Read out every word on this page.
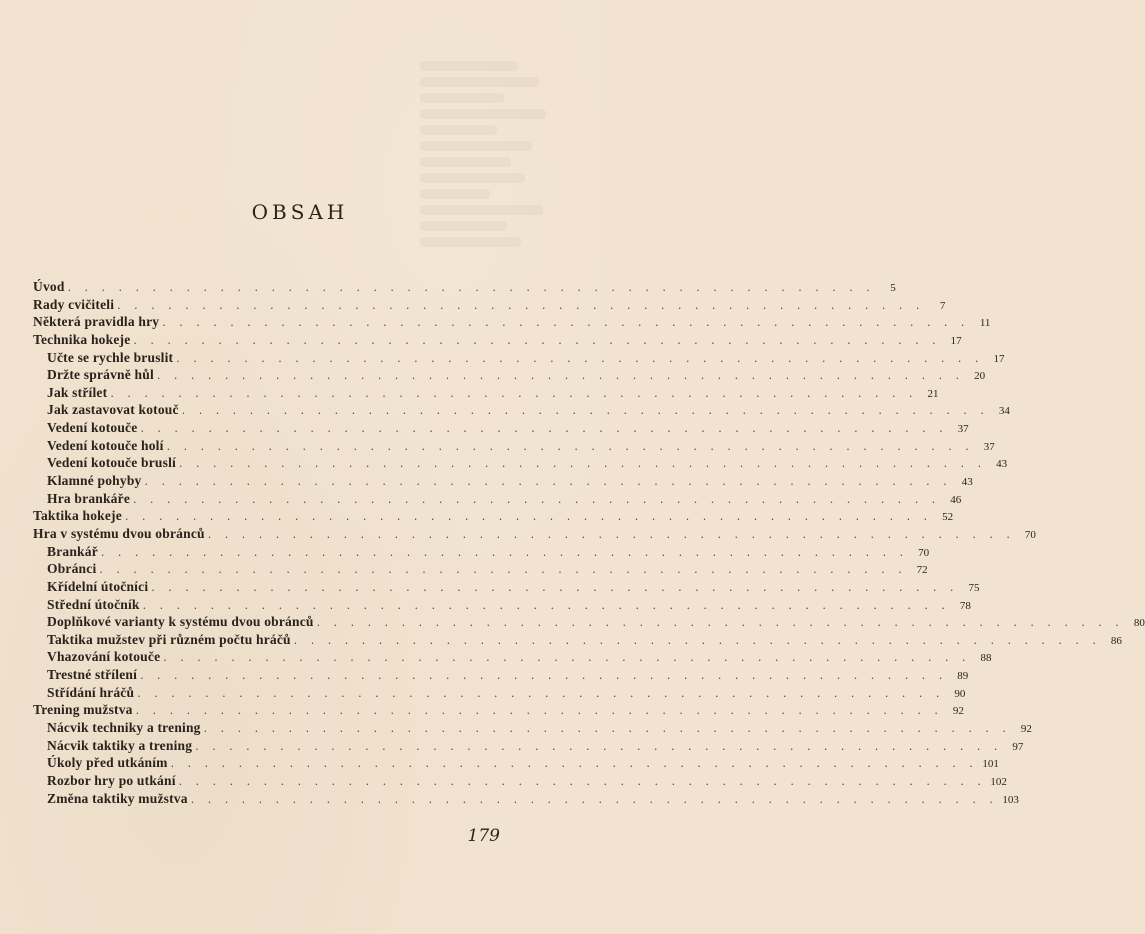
OBSAH
Úvod . . . . . . . . . . . . . . . . . . . . . . . . . . . . . . . . . . . . . . . . . . . . . . . .	5
Rady cvičiteli . . . . . . . . . . . . . . . . . . . . . . . . . . . . . . . . . . . . . . . . . . . . . . . .	7
Některá pravidla hry . . . . . . . . . . . . . . . . . . . . . . . . . . . . . . . . . . . . . . . . . . . . . . . . 11
Technika hokeje . . . . . . . . . . . . . . . . . . . . . . . . . . . . . . . . . . . . . . . . . . . . . . . . 17
Učte se rychle bruslit . . . . . . . . . . . . . . . . . . . . . . . . . . . . . . . . . . . . . . . . . . . . . . . . 17
Držte správně hůl . . . . . . . . . . . . . . . . . . . . . . . . . . . . . . . . . . . . . . . . . . . . . . . . 20
Jak střílet . . . . . . . . . . . . . . . . . . . . . . . . . . . . . . . . . . . . . . . . . . . . . . . . 21
Jak zastavovat kotouč . . . . . . . . . . . . . . . . . . . . . . . . . . . . . . . . . . . . . . . . . . . . . . . . 34
Vedení kotouče . . . . . . . . . . . . . . . . . . . . . . . . . . . . . . . . . . . . . . . . . . . . . . . . 37
Vedení kotouče holí . . . . . . . . . . . . . . . . . . . . . . . . . . . . . . . . . . . . . . . . . . . . . . . . 37
Vedení kotouče bruslí . . . . . . . . . . . . . . . . . . . . . . . . . . . . . . . . . . . . . . . . . . . . . . . . 43
Klamné pohyby . . . . . . . . . . . . . . . . . . . . . . . . . . . . . . . . . . . . . . . . . . . . . . . . 43
Hra brankáře . . . . . . . . . . . . . . . . . . . . . . . . . . . . . . . . . . . . . . . . . . . . . . . . 46
Taktika hokeje . . . . . . . . . . . . . . . . . . . . . . . . . . . . . . . . . . . . . . . . . . . . . . . . 52
Hra v systému dvou obránců . . . . . . . . . . . . . . . . . . . . . . . . . . . . . . . . . . . . . . . . . . . . . . . . 70
Brankář . . . . . . . . . . . . . . . . . . . . . . . . . . . . . . . . . . . . . . . . . . . . . . . . 70
Obránci . . . . . . . . . . . . . . . . . . . . . . . . . . . . . . . . . . . . . . . . . . . . . . . . 72
Křídelní útočníci . . . . . . . . . . . . . . . . . . . . . . . . . . . . . . . . . . . . . . . . . . . . . . . . 75
Střední útočník . . . . . . . . . . . . . . . . . . . . . . . . . . . . . . . . . . . . . . . . . . . . . . . . 78
Doplňkové varianty k systému dvou obránců . . . . . . . . . . . . . . . . . . . . . . . . . . . . . . . . . . . . . . . . . . . . . . . . 80
Taktika mužstev při různém počtu hráčů . . . . . . . . . . . . . . . . . . . . . . . . . . . . . . . . . . . . . . . . . . . . . . . . 86
Vhazování kotouče . . . . . . . . . . . . . . . . . . . . . . . . . . . . . . . . . . . . . . . . . . . . . . . . 88
Trestné střílení . . . . . . . . . . . . . . . . . . . . . . . . . . . . . . . . . . . . . . . . . . . . . . . . 89
Střídání hráčů . . . . . . . . . . . . . . . . . . . . . . . . . . . . . . . . . . . . . . . . . . . . . . . . 90
Trening mužstva . . . . . . . . . . . . . . . . . . . . . . . . . . . . . . . . . . . . . . . . . . . . . . . . 92
Nácvik techniky a trening . . . . . . . . . . . . . . . . . . . . . . . . . . . . . . . . . . . . . . . . . . . . . . . . 92
Nácvik taktiky a trening . . . . . . . . . . . . . . . . . . . . . . . . . . . . . . . . . . . . . . . . . . . . . . . . 97
Úkoly před utkáním . . . . . . . . . . . . . . . . . . . . . . . . . . . . . . . . . . . . . . . . . . . . . . . . 101
Rozbor hry po utkání . . . . . . . . . . . . . . . . . . . . . . . . . . . . . . . . . . . . . . . . . . . . . . . . 102
Změna taktiky mužstva . . . . . . . . . . . . . . . . . . . . . . . . . . . . . . . . . . . . . . . . . . . . . . . . 103
179
